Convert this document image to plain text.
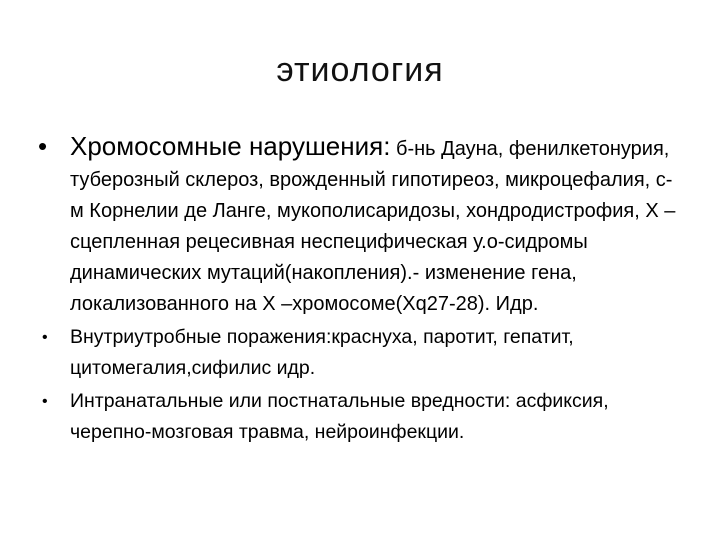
этиология
• Хромосомные нарушения: б-нь Дауна, фенилкетонурия, туберозный склероз, врожденный гипотиреоз, микроцефалия, с-м Корнелии де Ланге, мукополисаридозы, хондродистрофия, X –сцепленная рецесивная неспецифическая у.о-сидромы динамических мутаций(накопления).- изменение гена, локализованного на Х –хромосоме(Xq27-28). Идр.
• Внутриутробные поражения:краснуха, паротит, гепатит, цитомегалия,сифилис идр.
• Интранатальные или постнатальные вредности: асфиксия, черепно-мозговая травма, нейроинфекции.
